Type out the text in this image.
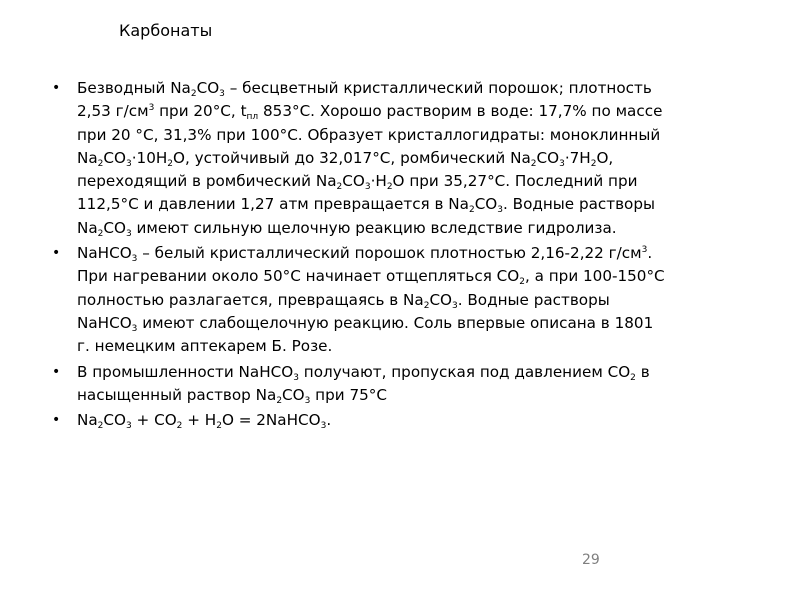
Карбонаты
• Безводный $Na_2CO_3$ – бесцветный кристаллический порошок; плотность
2,53 $г/см^3$ при 20°C, $t_{пл}$ 853°C. Хорошо растворим в воде: 17,7% по массе
при 20 °C, 31,3% при 100°C. Образует кристаллогидраты: моноклинный
$Na_2CO_3\cdot 10H_2O$, устойчивый до 32,017°C, ромбический $Na_2CO_3\cdot 7H_2O$,
переходящий в ромбический $Na_2CO_3\cdot H_2O$ при 35,27°C. Последний при
112,5°C и давлении 1,27 атм превращается в $Na_2CO_3$. Водные растворы
$Na_2CO_3$ имеют сильную щелочную реакцию вследствие гидролиза.
• NaHCO$_3$ – белый кристаллический порошок плотностью 2,16-2,22 $г/см^3$.
При нагревании около 50°C начинает отщепляться $CO_2$, а при 100-150°C
полностью разлагается, превращаясь в $Na_2CO_3$. Водные растворы
NaHCO$_3$ имеют слабощелочную реакцию. Соль впервые описана в 1801
г. немецким аптекарем Б. Розе.
• В промышленности NaHCO$_3$ получают, пропуская под давлением $CO_2$ в
насыщенный раствор $Na_2CO_3$ при 75°C
• $Na_2CO_3 + CO_2 + H_2O$ = 2NaHCO$_3$.
29
